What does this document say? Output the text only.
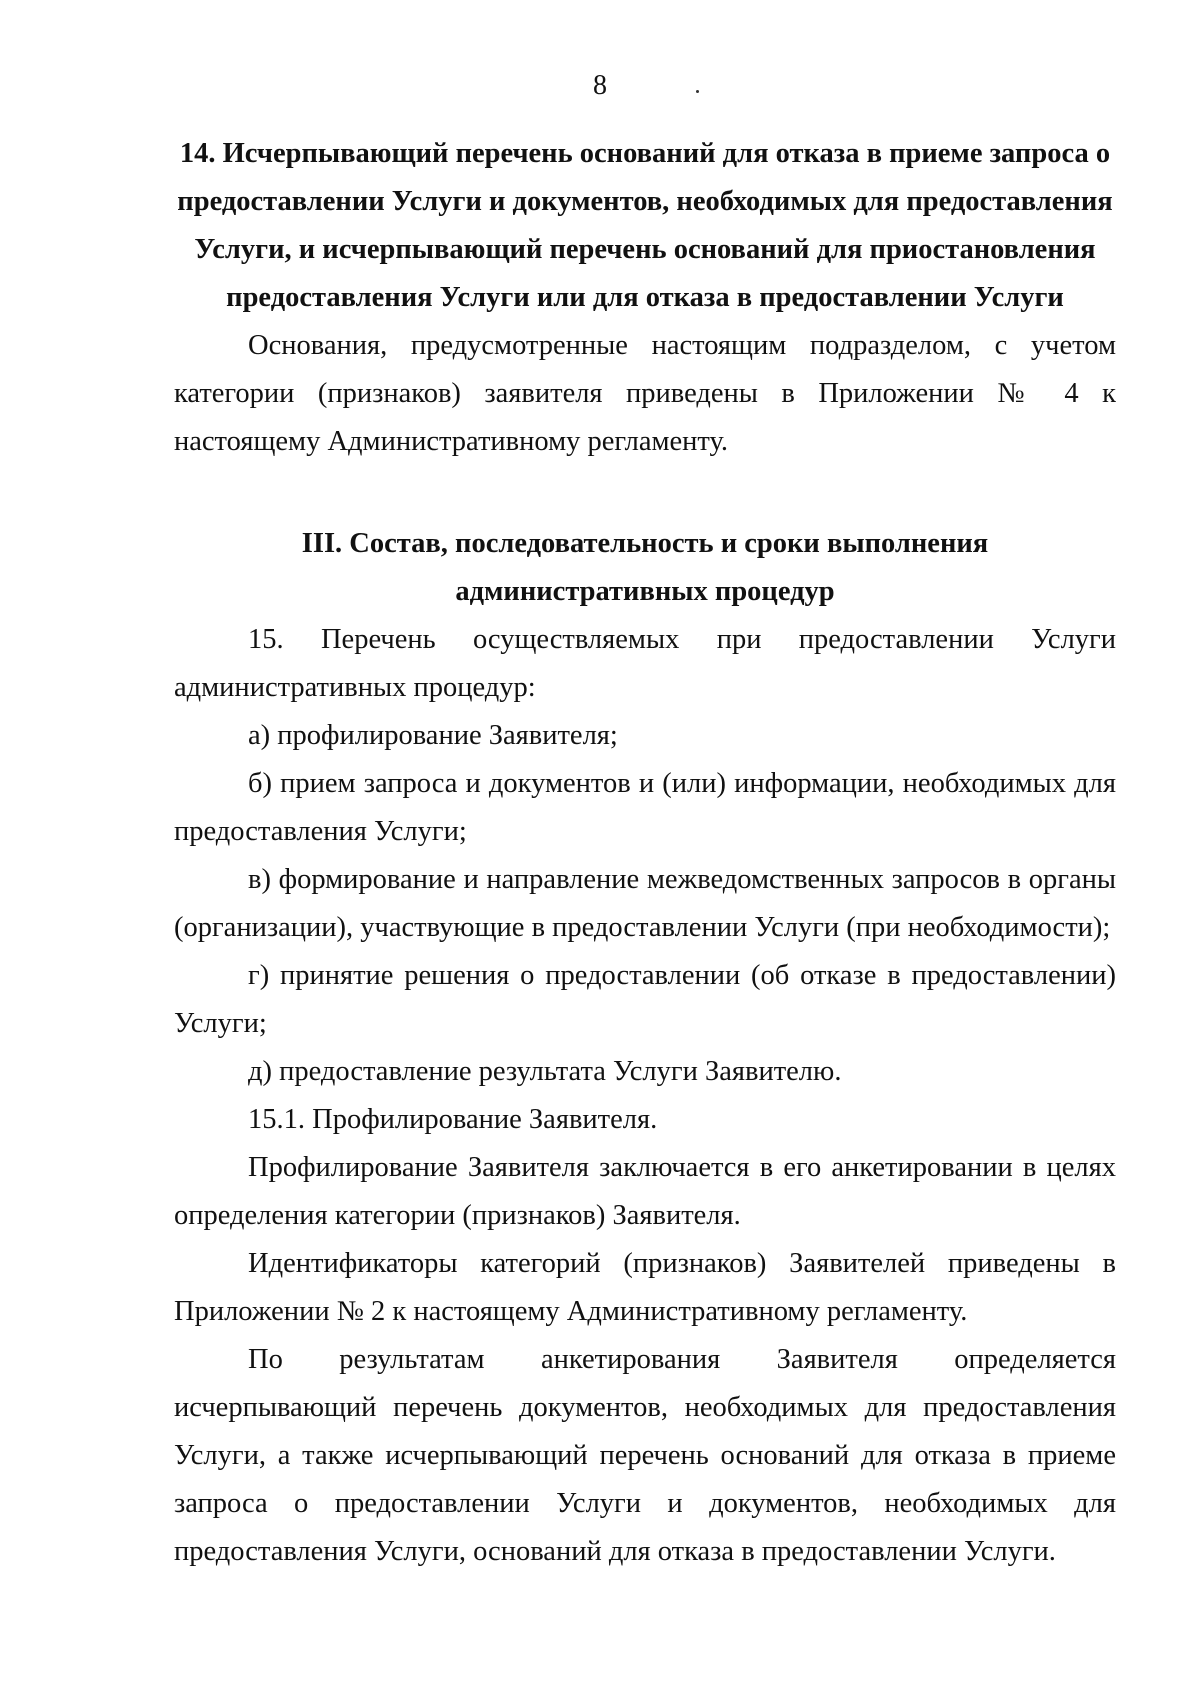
8
14. Исчерпывающий перечень оснований для отказа в приеме запроса о предоставлении Услуги и документов, необходимых для предоставления Услуги, и исчерпывающий перечень оснований для приостановления предоставления Услуги или для отказа в предоставлении Услуги

Основания, предусмотренные настоящим подразделом, с учетом категории (признаков) заявителя приведены в Приложении № 4 к настоящему Административному регламенту.

III. Состав, последовательность и сроки выполнения административных процедур

15. Перечень осуществляемых при предоставлении Услуги административных процедур:

а) профилирование Заявителя;

б) прием запроса и документов и (или) информации, необходимых для предоставления Услуги;

в) формирование и направление межведомственных запросов в органы (организации), участвующие в предоставлении Услуги (при необходимости);

г) принятие решения о предоставлении (об отказе в предоставлении) Услуги;

д) предоставление результата Услуги Заявителю.

15.1. Профилирование Заявителя.

Профилирование Заявителя заключается в его анкетировании в целях определения категории (признаков) Заявителя.

Идентификаторы категорий (признаков) Заявителей приведены в Приложении № 2 к настоящему Административному регламенту.

По результатам анкетирования Заявителя определяется исчерпывающий перечень документов, необходимых для предоставления Услуги, а также исчерпывающий перечень оснований для отказа в приеме запроса о предоставлении Услуги и документов, необходимых для предоставления Услуги, оснований для отказа в предоставлении Услуги.
